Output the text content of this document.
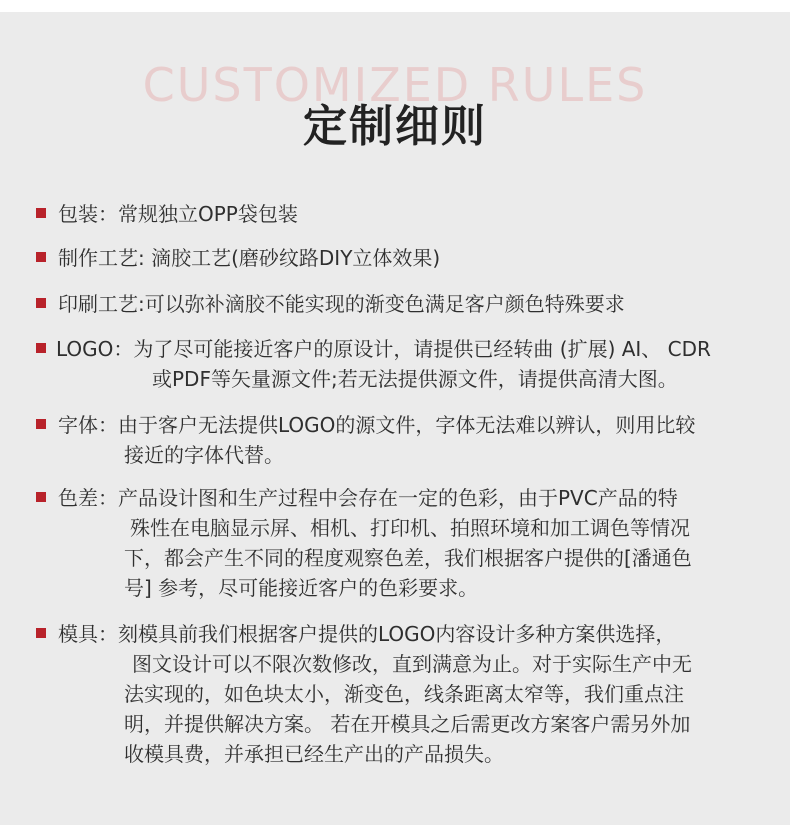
CUSTOMIZED RULES
定制细则
包装：常规独立OPP袋包装
制作工艺: 滴胶工艺(磨砂纹路DIY立体效果)
印刷工艺:可以弥补滴胶不能实现的渐变色满足客户颜色特殊要求
LOGO：为了尽可能接近客户的原设计，请提供已经转曲 (扩展) AI、 CDR
或PDF等矢量源文件;若无法提供源文件，请提供高清大图。
字体：由于客户无法提供LOGO的源文件，字体无法难以辨认，则用比较
接近的字体代替。
色差：产品设计图和生产过程中会存在一定的色彩，由于PVC产品的特
殊性在电脑显示屏、相机、打印机、拍照环境和加工调色等情况
下，都会产生不同的程度观察色差，我们根据客户提供的[潘通色
号] 参考，尽可能接近客户的色彩要求。
模具：刻模具前我们根据客户提供的LOGO内容设计多种方案供选择，
图文设计可以不限次数修改，直到满意为止。对于实际生产中无
法实现的，如色块太小，渐变色，线条距离太窄等，我们重点注
明，并提供解决方案。 若在开模具之后需更改方案客户需另外加
收模具费，并承担已经生产出的产品损失。
